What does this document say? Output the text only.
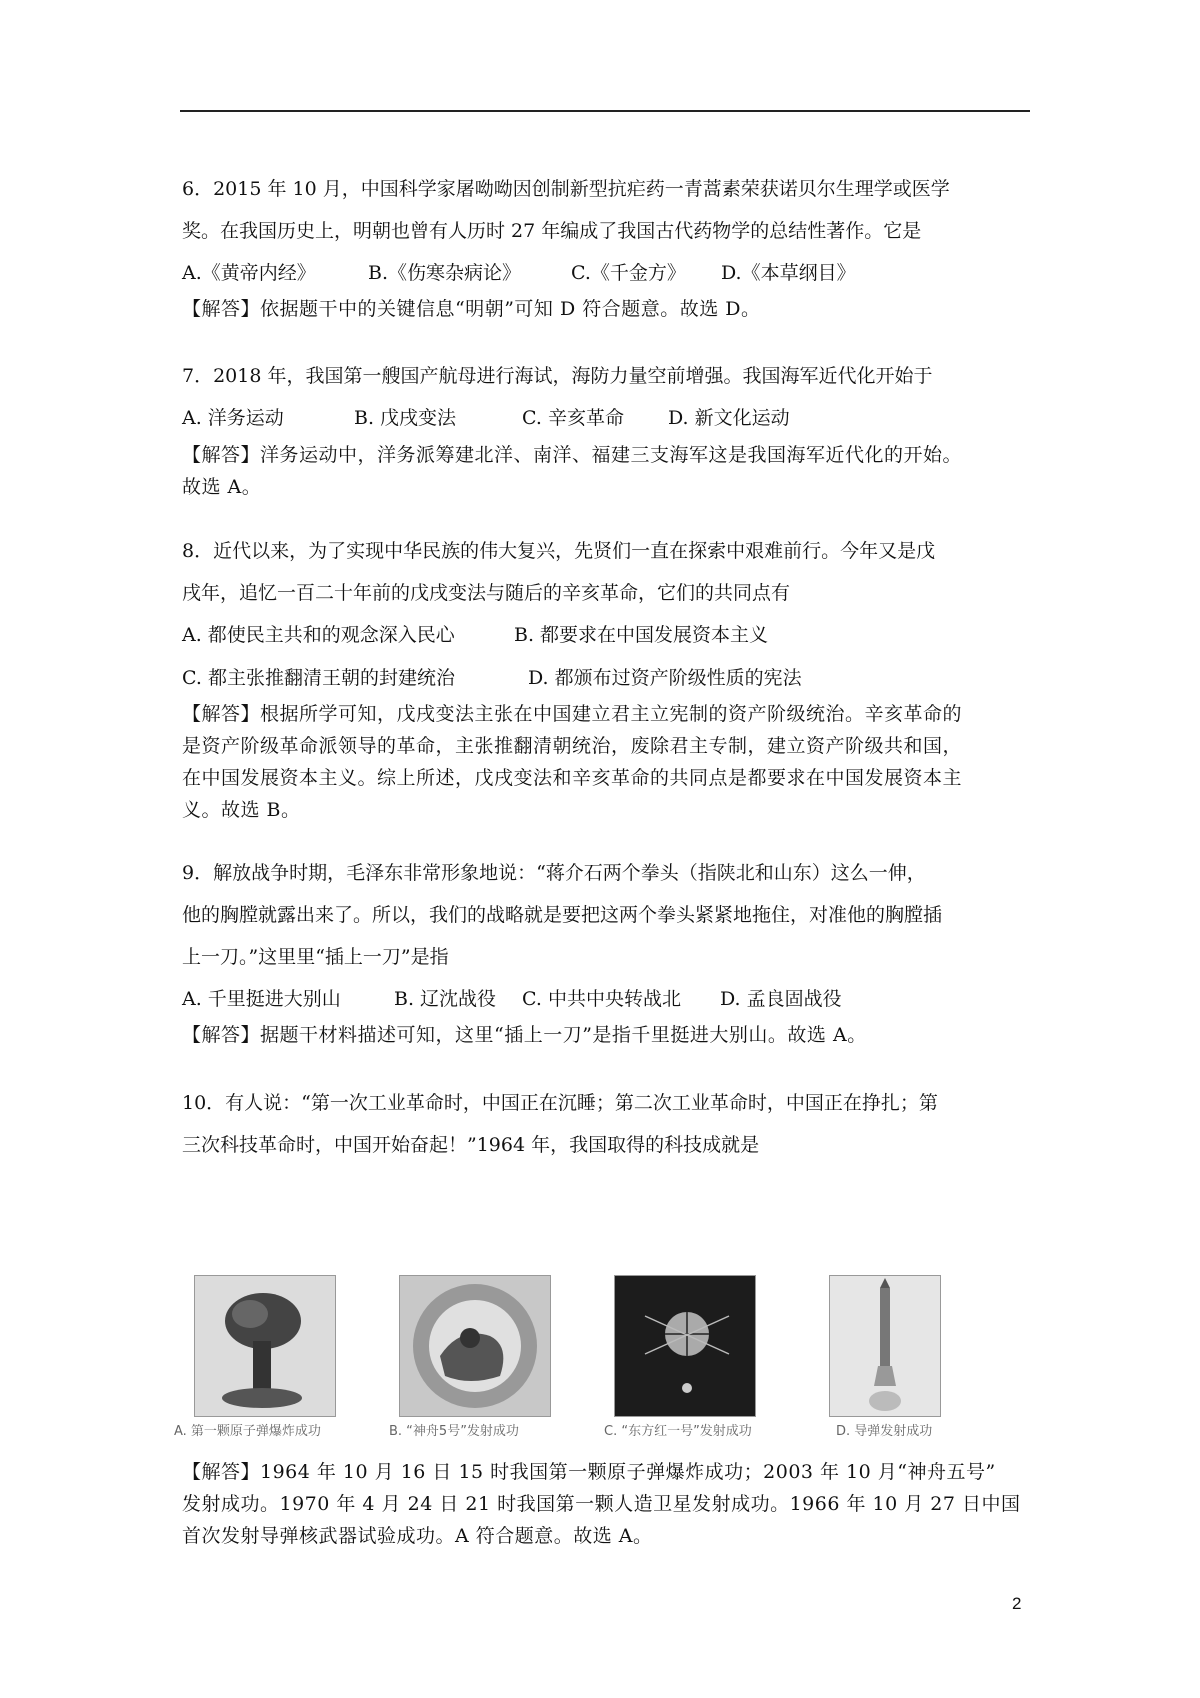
6．2015 年 10 月，中国科学家屠呦呦因创制新型抗疟药一青蒿素荣获诺贝尔生理学或医学
奖。在我国历史上，明朝也曾有人历时 27 年编成了我国古代药物学的总结性著作。它是
A.《黄帝内经》	B.《伤寒杂病论》	C.《千金方》 D.《本草纲目》
【解答】依据题干中的关键信息“明朝”可知 D 符合题意。故选 D。
7．2018 年，我国第一艘国产航母进行海试，海防力量空前增强。我国海军近代化开始于
A. 洋务运动	B. 戊戌变法	C. 辛亥革命 D. 新文化运动
【解答】洋务运动中，洋务派筹建北洋、南洋、福建三支海军这是我国海军近代化的开始。
故选 A。
8．近代以来，为了实现中华民族的伟大复兴，先贤们一直在探索中艰难前行。今年又是戊
戌年，追忆一百二十年前的戊戌变法与随后的辛亥革命，它们的共同点有
A. 都使民主共和的观念深入民心	B. 都要求在中国发展资本主义
C. 都主张推翻清王朝的封建统治	D. 都颁布过资产阶级性质的宪法
【解答】根据所学可知，戊戌变法主张在中国建立君主立宪制的资产阶级统治。辛亥革命的
是资产阶级革命派领导的革命，主张推翻清朝统治，废除君主专制，建立资产阶级共和国，
在中国发展资本主义。综上所述，戊戌变法和辛亥革命的共同点是都要求在中国发展资本主
义。故选 B。
9．解放战争时期，毛泽东非常形象地说：“蒋介石两个拳头（指陕北和山东）这么一伸，
他的胸膛就露出来了。所以，我们的战略就是要把这两个拳头紧紧地拖住，对准他的胸膛插
上一刀。”这里里“插上一刀”是指
A. 千里挺进大别山	B. 辽沈战役 C. 中共中央转战北 D. 孟良固战役
【解答】据题干材料描述可知，这里“插上一刀”是指千里挺进大别山。故选 A。
10．有人说：“第一次工业革命时，中国正在沉睡；第二次工业革命时，中国正在挣扎；第
三次科技革命时，中国开始奋起！”1964 年，我国取得的科技成就是
A. 第一颗原子弹爆炸成功	B. “神舟5号”发射成功	C. “东方红一号”发射成功	D. 导弹发射成功
【解答】1964 年 10 月 16 日 15 时我国第一颗原子弹爆炸成功；2003 年 10 月“神舟五号”
发射成功。1970 年 4 月 24 日 21 时我国第一颗人造卫星发射成功。1966 年 10 月 27 日中国
首次发射导弹核武器试验成功。A 符合题意。故选 A。
2
